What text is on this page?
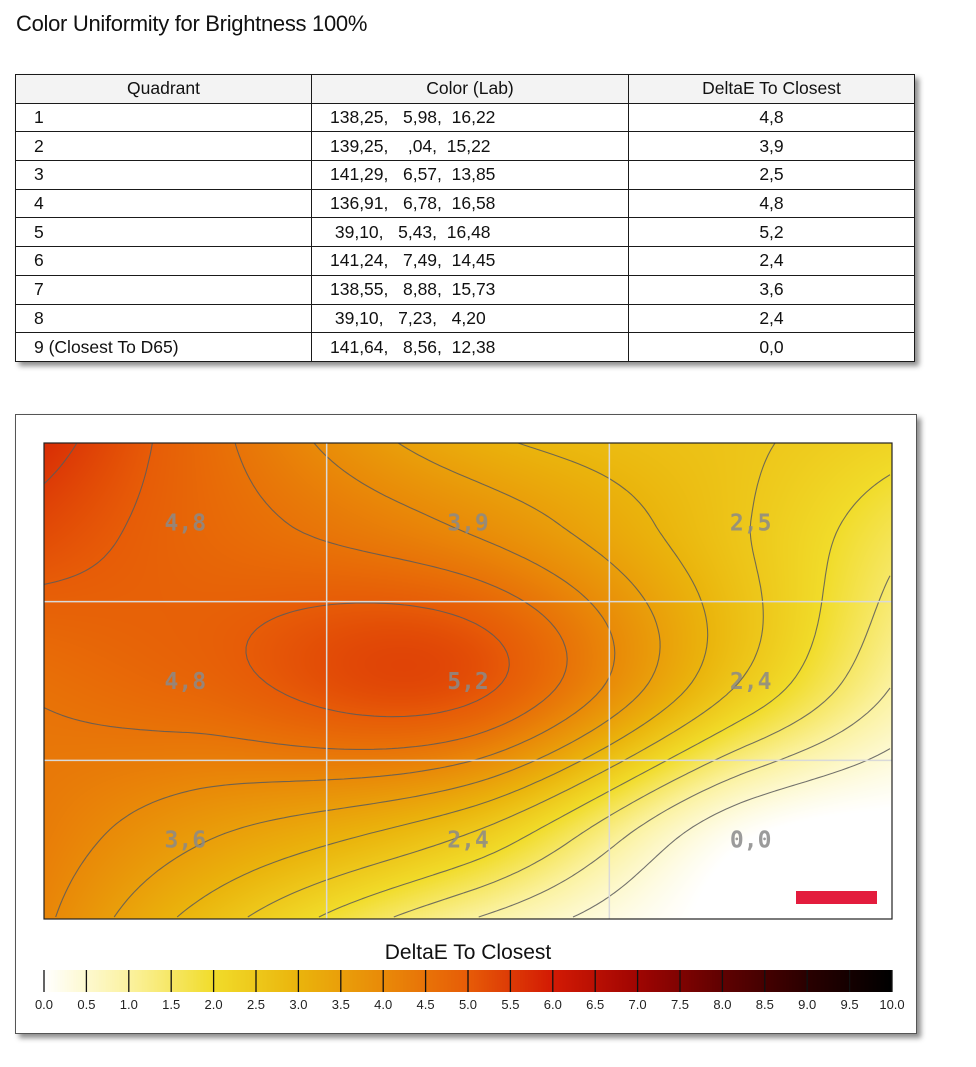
Color Uniformity for Brightness 100%
Quadrant	Color (Lab)	DeltaE To Closest
1	138,25,   5,98,  16,22	4,8
2	139,25,    ,04,  15,22	3,9
3	141,29,   6,57,  13,85	2,5
4	136,91,   6,78,  16,58	4,8
5	39,10,   5,43,  16,48	5,2
6	141,24,   7,49,  14,45	2,4
7	138,55,   8,88,  15,73	3,6
8	39,10,   7,23,   4,20	2,4
9 (Closest To D65)	141,64,   8,56,  12,38	0,0
4,8	3,9	2,5
4,8	5,2	2,4
3,6	2,4	0,0
DeltaE To Closest
0.0 0.5 1.0 1.5 2.0 2.5 3.0 3.5 4.0 4.5 5.0 5.5 6.0 6.5 7.0 7.5 8.0 8.5 9.0 9.5 10.0
